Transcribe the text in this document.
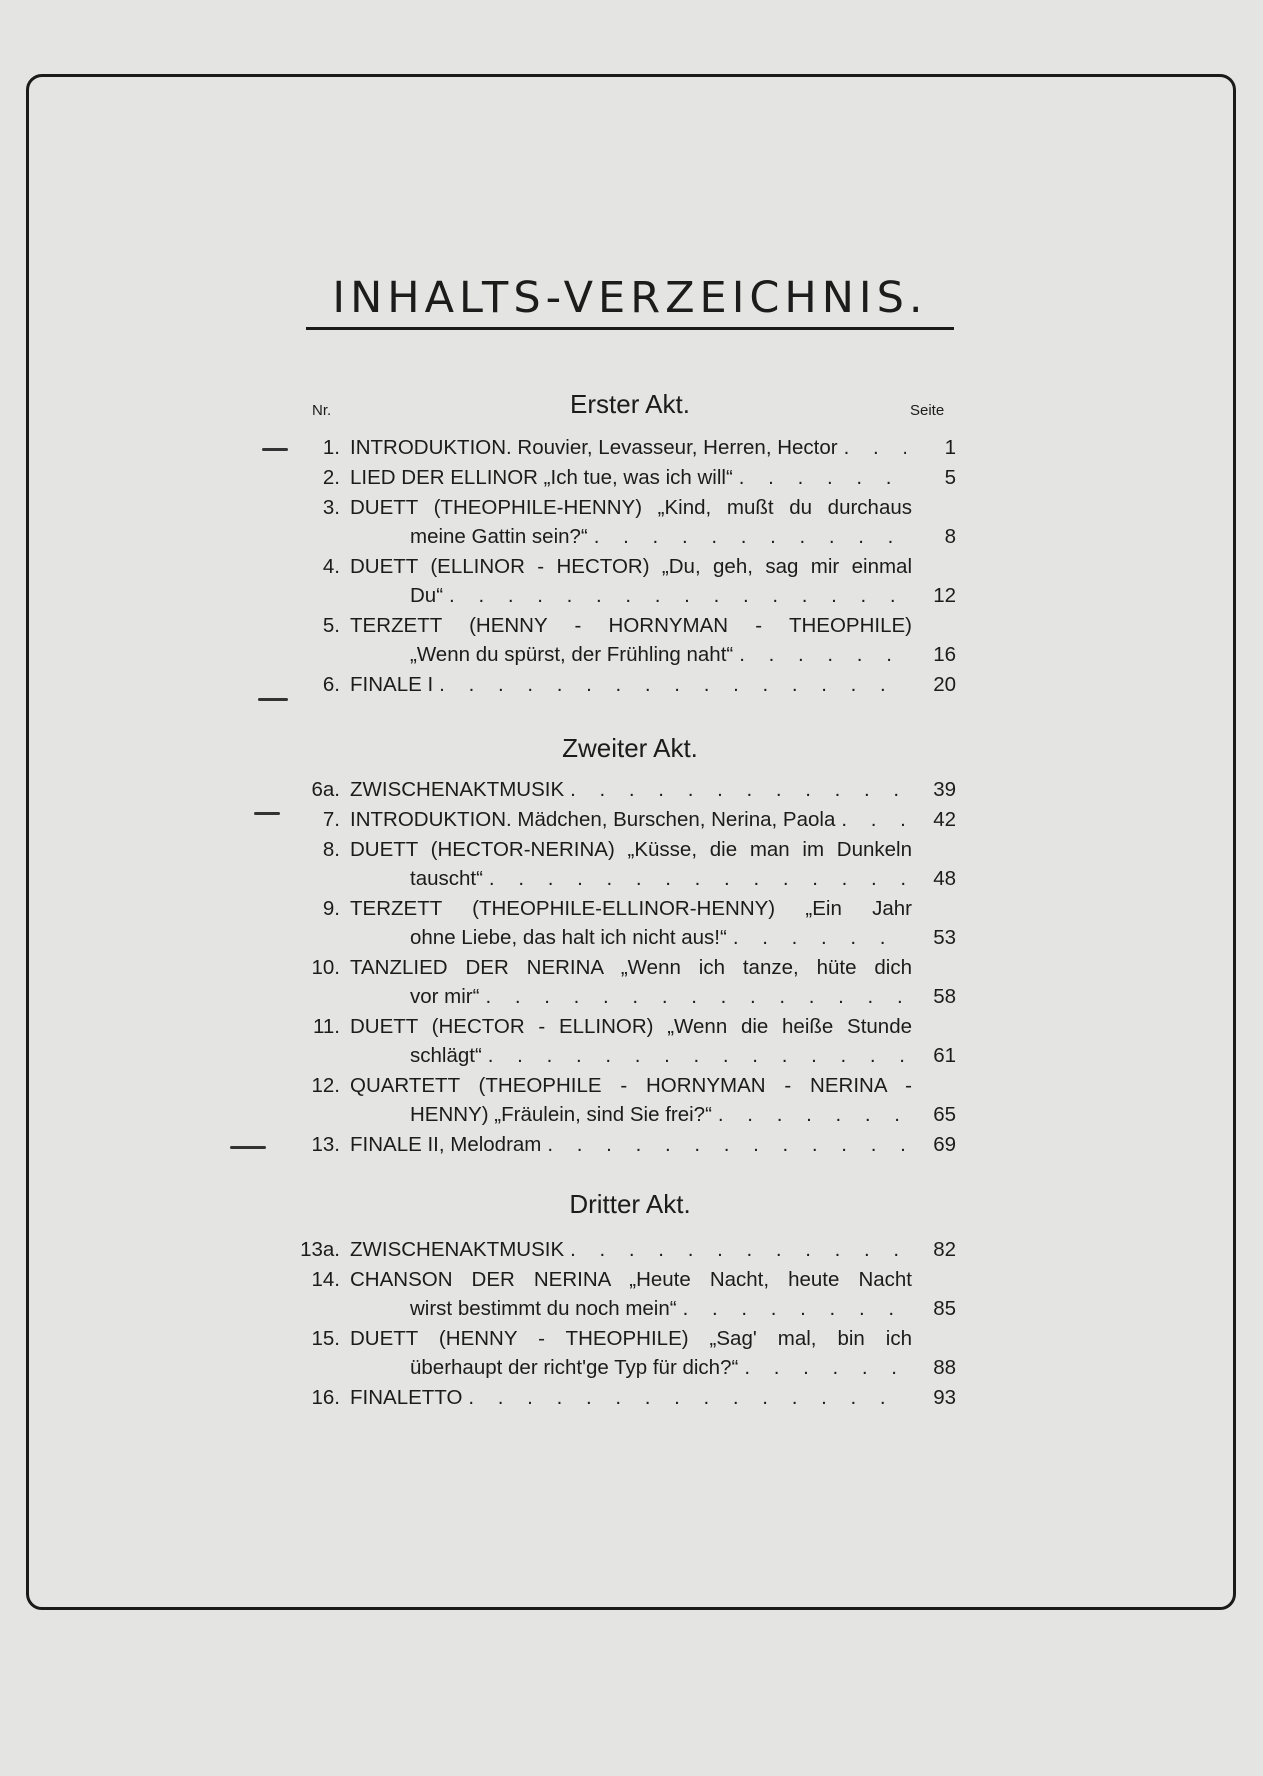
INHALTS-VERZEICHNIS.
Nr.	Seite
Erster Akt.
1. INTRODUKTION. Rouvier, Levasseur, Herren, Hector . . .	1
2. LIED DER ELLINOR „Ich tue, was ich will“ . . .	5
3. DUETT (THEOPHILE-HENNY) „Kind, mußt du durchaus
meine Gattin sein?“ . . .	8
4. DUETT (ELLINOR - HECTOR) „Du, geh, sag mir einmal
Du“ . . .	12
5. TERZETT (HENNY - HORNYMAN - THEOPHILE)
„Wenn du spürst, der Frühling naht“ . . .	16
6. FINALE I . . .	20
Zweiter Akt.
6a. ZWISCHENAKTMUSIK . . .	39
7. INTRODUKTION. Mädchen, Burschen, Nerina, Paola . . .	42
8. DUETT (HECTOR-NERINA) „Küsse, die man im Dunkeln
tauscht“ . . .	48
9. TERZETT (THEOPHILE-ELLINOR-HENNY) „Ein Jahr
ohne Liebe, das halt ich nicht aus!“ . . .	53
10. TANZLIED DER NERINA „Wenn ich tanze, hüte dich
vor mir“ . . .	58
11. DUETT (HECTOR - ELLINOR) „Wenn die heiße Stunde
schlägt“ . . .	61
12. QUARTETT (THEOPHILE - HORNYMAN - NERINA -
HENNY) „Fräulein, sind Sie frei?“ . . .	65
13. FINALE II, Melodram . . .	69
Dritter Akt.
13a. ZWISCHENAKTMUSIK . . .	82
14. CHANSON DER NERINA „Heute Nacht, heute Nacht
wirst bestimmt du noch mein“ . . .	85
15. DUETT (HENNY - THEOPHILE) „Sag' mal, bin ich
überhaupt der richt'ge Typ für dich?“ . . .	88
16. FINALETTO . . .	93
